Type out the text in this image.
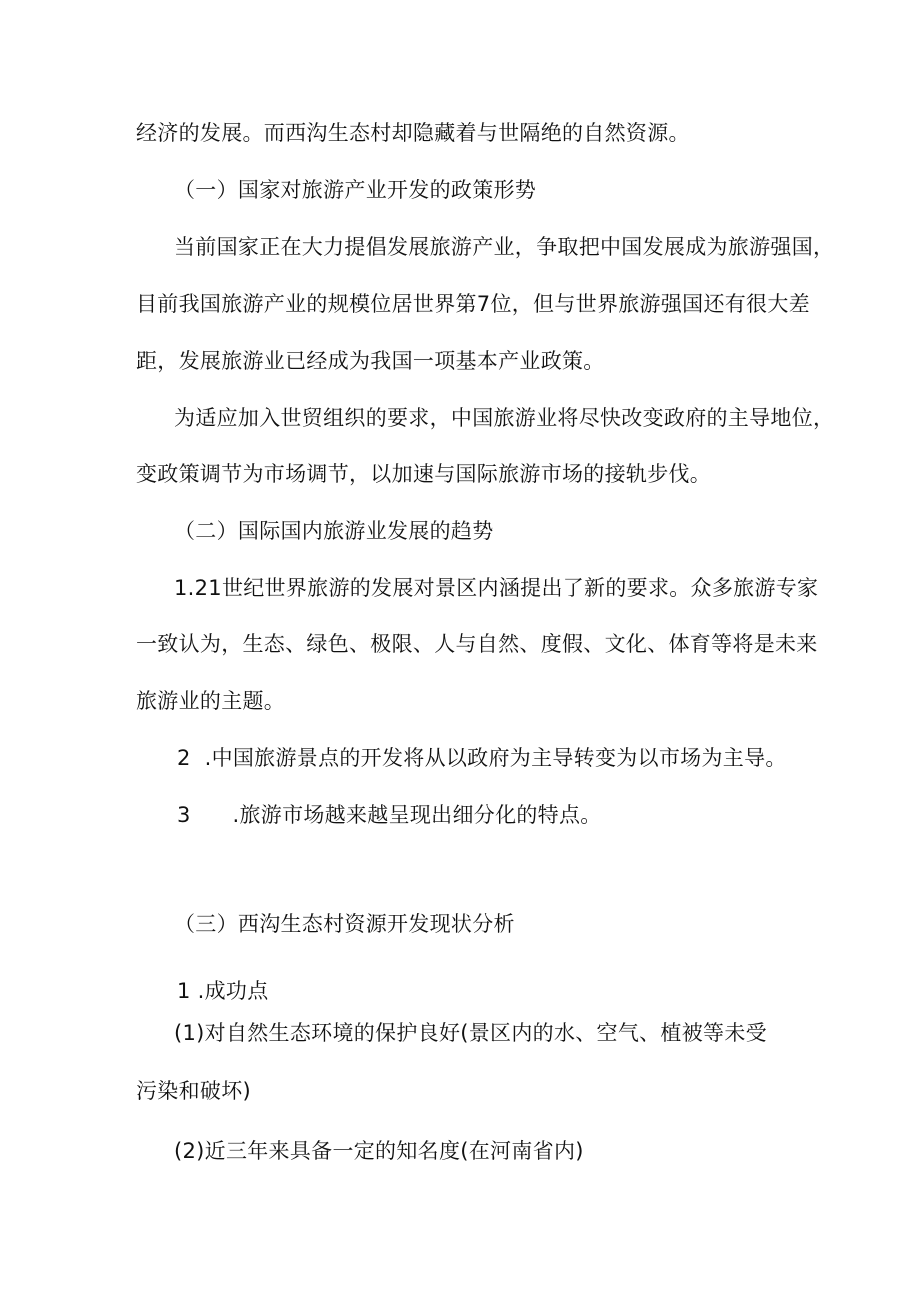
经济的发展。而西沟生态村却隐藏着与世隔绝的自然资源。
（一）国家对旅游产业开发的政策形势
当前国家正在大力提倡发展旅游产业，争取把中国发展成为旅游强国，
目前我国旅游产业的规模位居世界第7位，但与世界旅游强国还有很大差
距，发展旅游业已经成为我国一项基本产业政策。
为适应加入世贸组织的要求，中国旅游业将尽快改变政府的主导地位，
变政策调节为市场调节，以加速与国际旅游市场的接轨步伐。
（二）国际国内旅游业发展的趋势
1.21世纪世界旅游的发展对景区内涵提出了新的要求。众多旅游专家
一致认为，生态、绿色、极限、人与自然、度假、文化、体育等将是未来
旅游业的主题。
2  .中国旅游景点的开发将从以政府为主导转变为以市场为主导。
3      .旅游市场越来越呈现出细分化的特点。
（三）西沟生态村资源开发现状分析
1 .成功点
(1)对自然生态环境的保护良好(景区内的水、空气、植被等未受
污染和破坏)
(2)近三年来具备一定的知名度(在河南省内)
